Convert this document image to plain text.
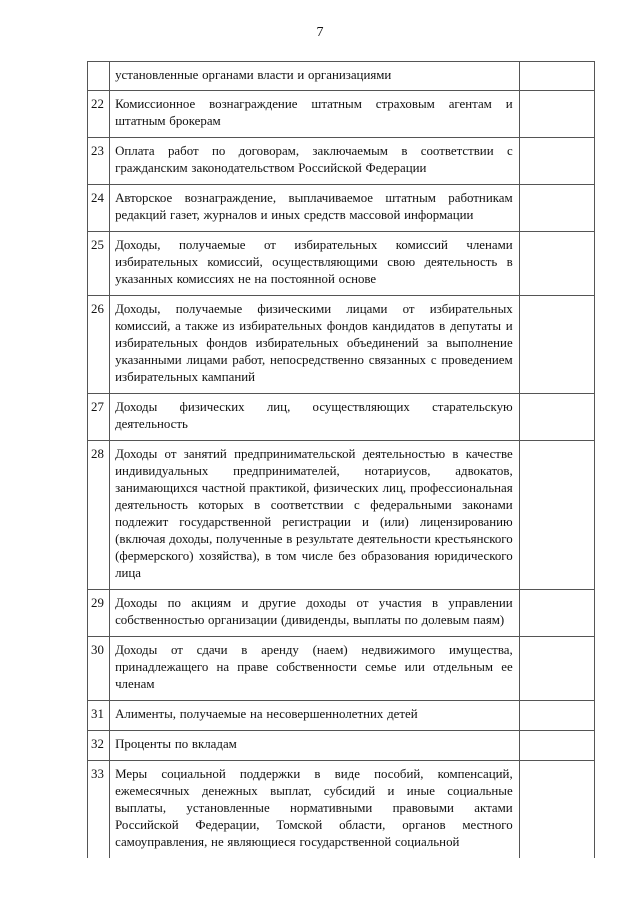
7
	установленные органами власти и организациями	
22	Комиссионное вознаграждение штатным страховым агентам и штатным брокерам	
23	Оплата работ по договорам, заключаемым в соответствии с гражданским законодательством Российской Федерации	
24	Авторское вознаграждение, выплачиваемое штатным работникам редакций газет, журналов и иных средств массовой информации	
25	Доходы, получаемые от избирательных комиссий членами избирательных комиссий, осуществляющими свою деятельность в указанных комиссиях не на постоянной основе	
26	Доходы, получаемые физическими лицами от избирательных комиссий, а также из избирательных фондов кандидатов в депутаты и избирательных фондов избирательных объединений за выполнение указанными лицами работ, непосредственно связанных с проведением избирательных кампаний	
27	Доходы физических лиц, осуществляющих старательскую деятельность	
28	Доходы от занятий предпринимательской деятельностью в качестве индивидуальных предпринимателей, нотариусов, адвокатов, занимающихся частной практикой, физических лиц, профессиональная деятельность которых в соответствии с федеральными законами подлежит государственной регистрации и (или) лицензированию (включая доходы, полученные в результате деятельности крестьянского (фермерского) хозяйства), в том числе без образования юридического лица	
29	Доходы по акциям и другие доходы от участия в управлении собственностью организации (дивиденды, выплаты по долевым паям)	
30	Доходы от сдачи в аренду (наем) недвижимого имущества, принадлежащего на праве собственности семье или отдельным ее членам	
31	Алименты, получаемые на несовершеннолетних детей	
32	Проценты по вкладам	
33	Меры социальной поддержки в виде пособий, компенсаций, ежемесячных денежных выплат, субсидий и иные социальные выплаты, установленные нормативными правовыми актами Российской Федерации, Томской области, органов местного самоуправления, не являющиеся государственной социальной	
